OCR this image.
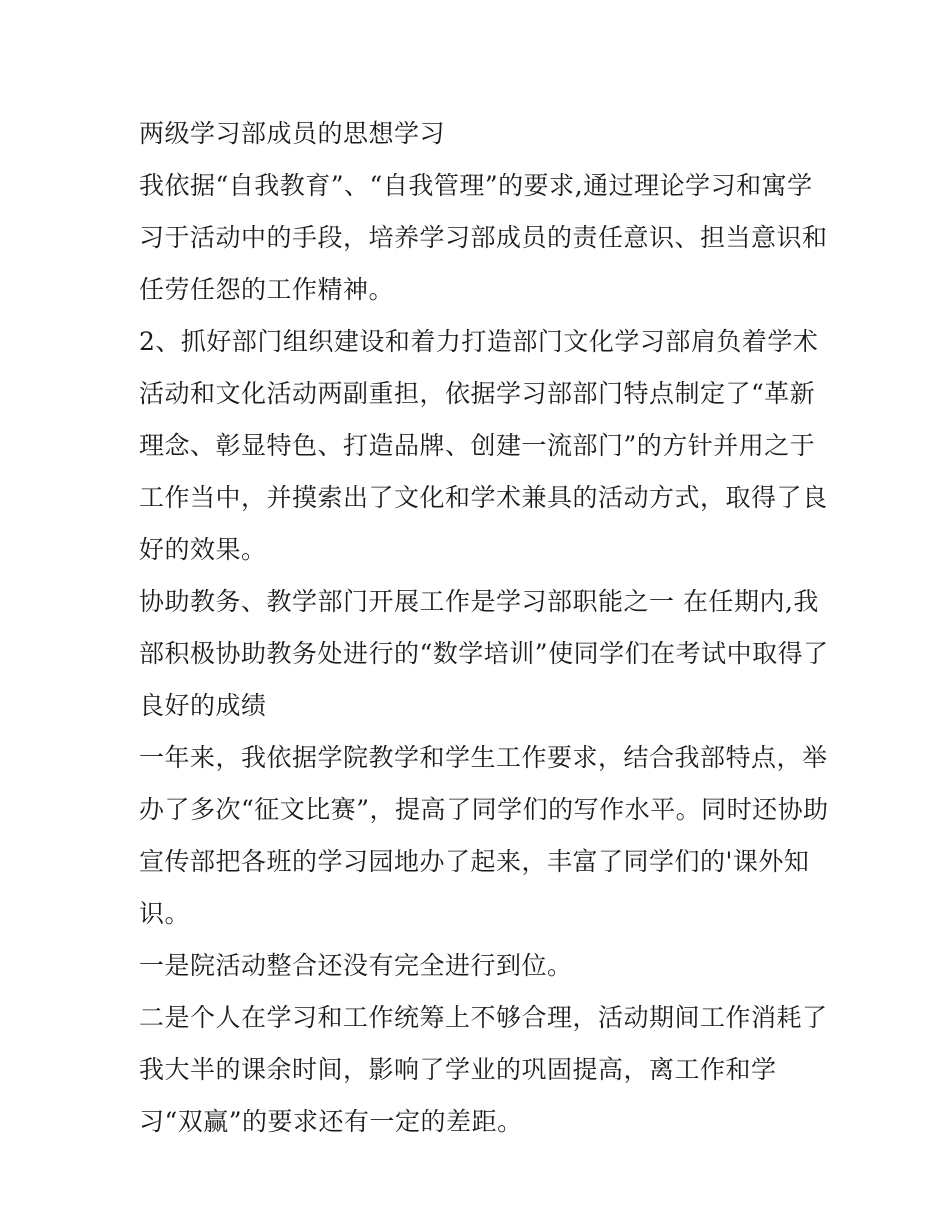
两级学习部成员的思想学习
我依据“自我教育”、“自我管理”的要求,通过理论学习和寓学
习于活动中的手段，培养学习部成员的责任意识、担当意识和
任劳任怨的工作精神。
2、抓好部门组织建设和着力打造部门文化学习部肩负着学术
活动和文化活动两副重担，依据学习部部门特点制定了“革新
理念、彰显特色、打造品牌、创建一流部门”的方针并用之于
工作当中，并摸索出了文化和学术兼具的活动方式，取得了良
好的效果。
协助教务、教学部门开展工作是学习部职能之一 在任期内,我
部积极协助教务处进行的“数学培训”使同学们在考试中取得了
良好的成绩
一年来，我依据学院教学和学生工作要求，结合我部特点，举
办了多次“征文比赛”，提高了同学们的写作水平。同时还协助
宣传部把各班的学习园地办了起来，丰富了同学们的'课外知
识。
一是院活动整合还没有完全进行到位。
二是个人在学习和工作统筹上不够合理，活动期间工作消耗了
我大半的课余时间，影响了学业的巩固提高，离工作和学
习“双赢”的要求还有一定的差距。
